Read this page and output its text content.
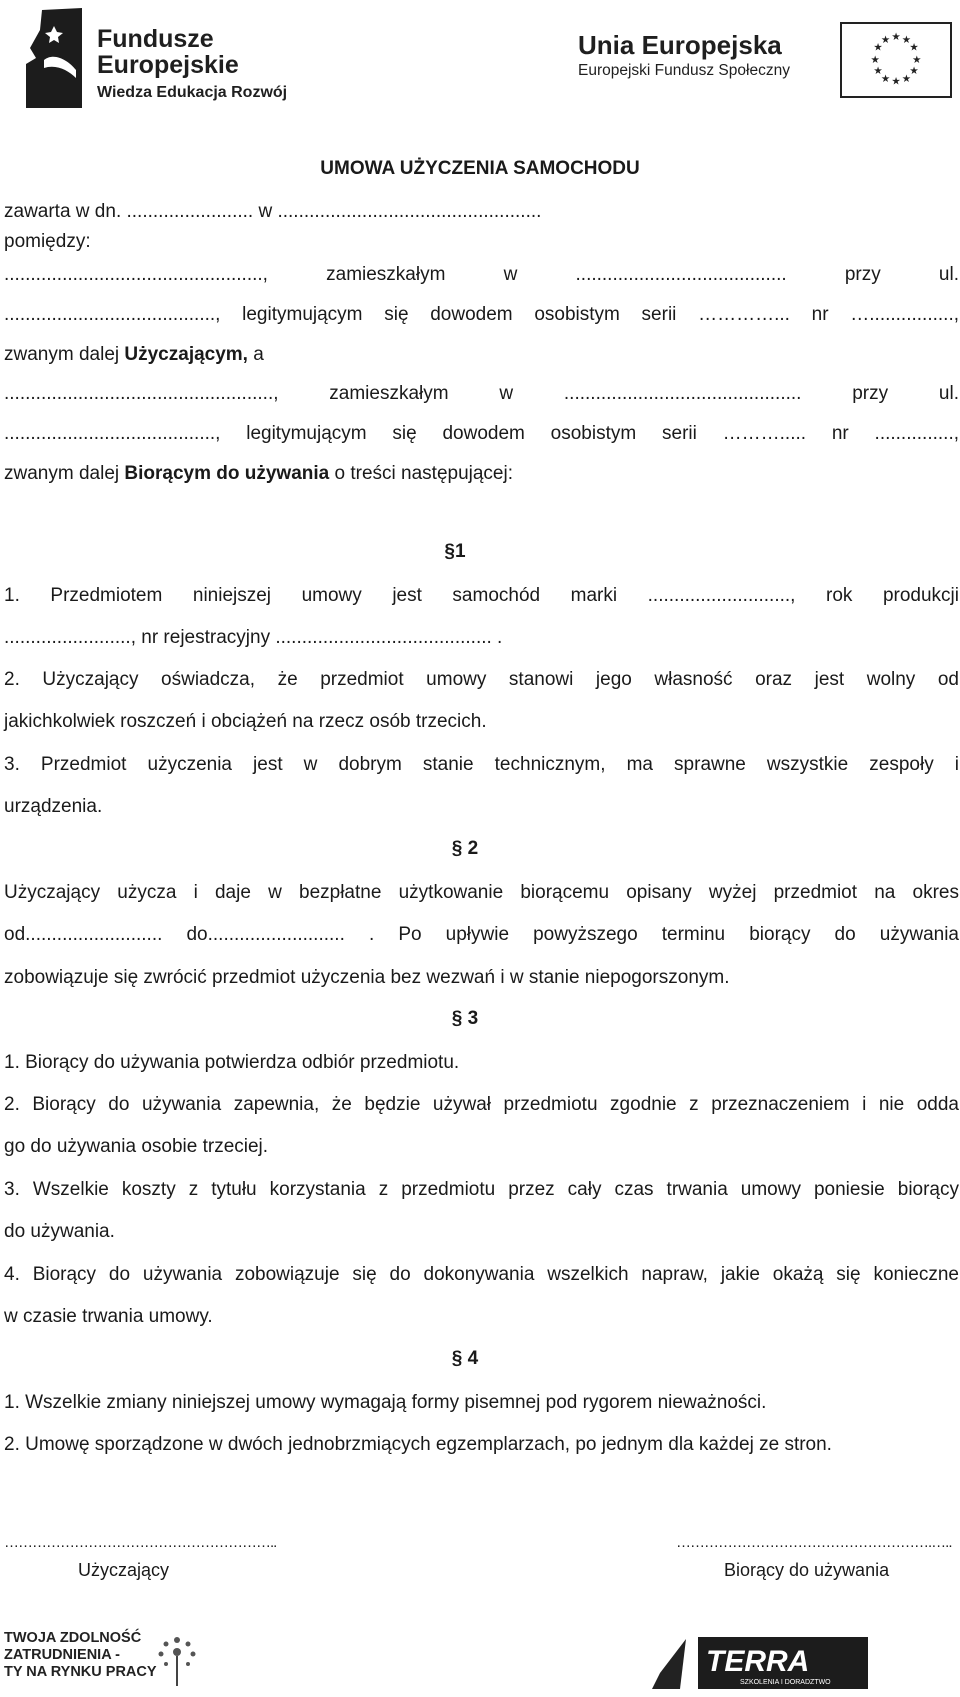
Fundusze
Europejskie
Wiedza Edukacja Rozwój
Unia Europejska
Europejski Fundusz Społeczny
★ ★
★
★
★
★
★
★
★
★
★
★
UMOWA UŻYCZENIA SAMOCHODU
zawarta w dn. ........................ w ..................................................
pomiędzy:
................................................., zamieszkałym w ........................................ przy ul.
........................................, legitymującym się dowodem osobistym serii …………... nr …................,
zwanym dalej Użyczającym, a
..................................................., zamieszkałym w ............................................. przy ul.
........................................, legitymującym się dowodem osobistym serii ………..... nr ...............,
zwanym dalej Biorącym do używania o treści następującej:
§1
1. Przedmiotem niniejszej umowy jest samochód marki ..........................., rok produkcji
........................, nr rejestracyjny ......................................... .
2. Użyczający oświadcza, że przedmiot umowy stanowi jego własność oraz jest wolny od
jakichkolwiek roszczeń i obciążeń na rzecz osób trzecich.
3. Przedmiot użyczenia jest w dobrym stanie technicznym, ma sprawne wszystkie zespoły i
urządzenia.
§ 2
Użyczający użycza i daje w bezpłatne użytkowanie biorącemu opisany wyżej przedmiot na okres
od.......................... do.......................... . Po upływie powyższego terminu biorący do używania
zobowiązuje się zwrócić przedmiot użyczenia bez wezwań i w stanie niepogorszonym.
§ 3
1. Biorący do używania potwierdza odbiór przedmiotu.
2. Biorący do używania zapewnia, że będzie używał przedmiotu zgodnie z przeznaczeniem i nie odda
go do używania osobie trzeciej.
3. Wszelkie koszty z tytułu korzystania z przedmiotu przez cały czas trwania umowy poniesie biorący
do używania.
4. Biorący do używania zobowiązuje się do dokonywania wszelkich napraw, jakie okażą się konieczne
w czasie trwania umowy.
§ 4
1. Wszelkie zmiany niniejszej umowy wymagają formy pisemnej pod rygorem nieważności.
2. Umowę sporządzone w dwóch jednobrzmiących egzemplarzach, po jednym dla każdej ze stron.
…………………………………………………..
Użyczający
……………………………………………….…..
Biorący do używania
TWOJA ZDOLNOŚĆ
ZATRUDNIENIA -
TY NA RYNKU PRACY	TERRA
SZKOLENIA I DORADZTWO
